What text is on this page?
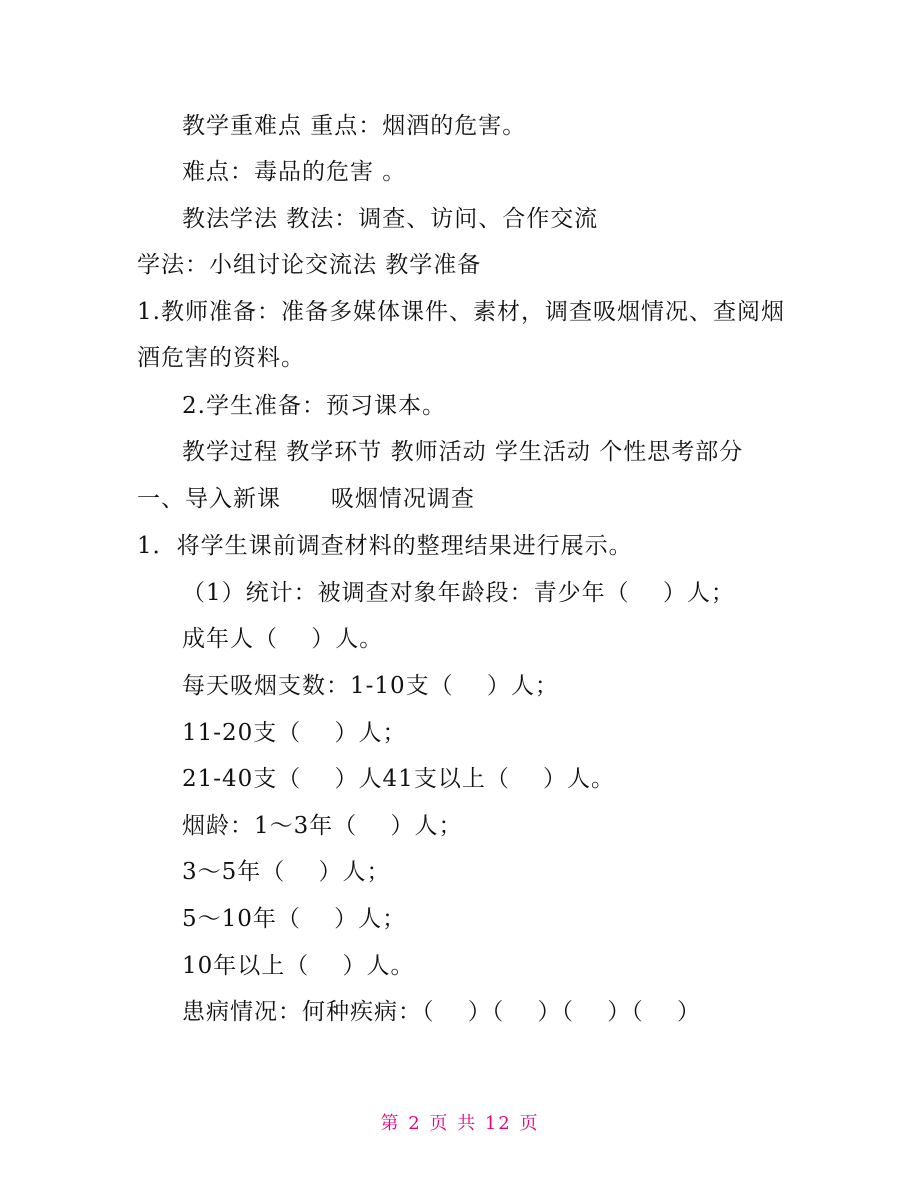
教学重难点 重点：烟酒的危害。
难点：毒品的危害 。
教法学法 教法：调查、访问、合作交流
学法：小组讨论交流法 教学准备
1.教师准备：准备多媒体课件、素材，调查吸烟情况、查阅烟
酒危害的资料。
2.学生准备：预习课本。
教学过程 教学环节 教师活动 学生活动 个性思考部分
一、导入新课      吸烟情况调查
1．将学生课前调查材料的整理结果进行展示。
（1）统计：被调查对象年龄段：青少年（    ）人；
成年人（    ）人。
每天吸烟支数：1-10支（    ）人；
11-20支（    ）人；
21-40支（    ）人41支以上（    ）人。
烟龄：1～3年（    ）人；
3～5年（    ）人；
5～10年（    ）人；
10年以上（    ）人。
患病情况：何种疾病：（    ）（    ）（    ）（    ）
第 2 页 共 12 页
